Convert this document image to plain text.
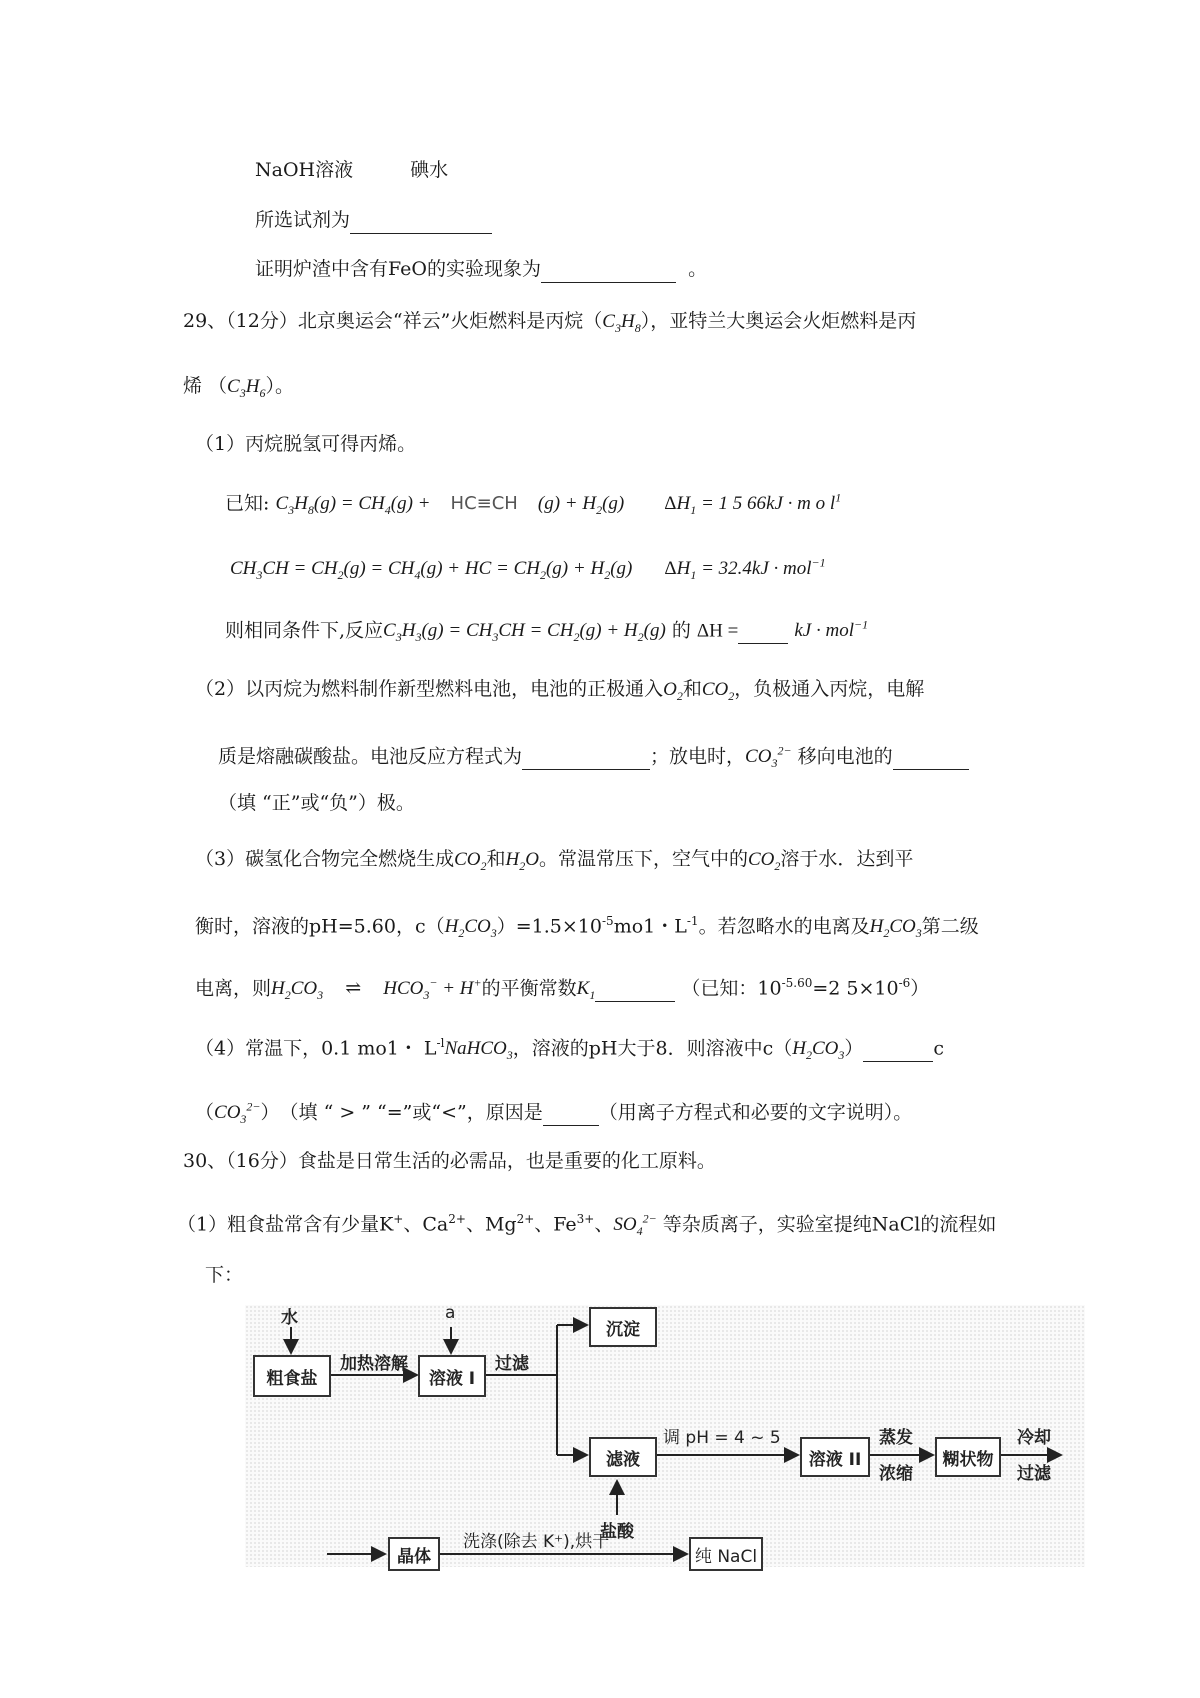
NaOH溶液　　　碘水
所选试剂为
证明炉渣中含有FeO的实验现象为	。
29、（12分）北京奥运会“祥云”火炬燃料是丙烷$(C_3H_8)$，亚特兰大奥运会火炬燃料是丙
烯 $(C_3H_6)$。
（1）丙烷脱氢可得丙烯。
已知: $C_3H_8(g) = CH_4(g) + HC\equiv CH$ $(g) + H_2(g) \Delta H_1 = 1$ 5 66kJ · m o $l^1$
$CH_3CH = CH_2(g) = CH_4(g)$ + HC = $CH_2(g) + H_2(g) \Delta H_1 = 32.4kJ \cdot mol^{-1}$
则相同条件下,反应$C_3H_3(g) = CH_3CH = CH_2(g) + H_2(g)$ 的 ΔH =	kJ · mol$^{-1}$
（2）以丙烷为燃料制作新型燃料电池，电池的正极通入$O_2$和$CO_2$，负极通入丙烷，电解
质是熔融碳酸盐。电池反应方程式为	；放电时，$CO_3^{2-}$ 移向电池的
（填 “正”或“负”）极。
（3）碳氢化合物完全燃烧生成$CO_2$和$H_2O$。常温常压下，空气中的$CO_2$溶于水．达到平
衡时，溶液的pH=5.60，$c(H_2CO_3)=1.5\times 10^{-5}mo1$・$L^{-1}$。若忽略水的电离及$H_2CO_3$第二级
电离，则$H_2CO_3$ ⇌ $HCO_3^- + H^+$的平衡常数$K_1$	（已知：$10^{-5.60}=2$ $5\times 10^{-6}$）
（4）常温下，0.1 mo1・ $L^{-l}NaHCO_3$，溶液的pH大于8．则溶液中$c(H_2CO_3)$	c
$(CO_3^{2-})$　（填 “ > ” “=”或“<”，原因是	（用离子方程式和必要的文字说明）。
30、（16分）食盐是日常生活的必需品，也是重要的化工原料。
（1）粗食盐常含有少量K+、$Ca^{2+}$、$Mg^{2+}$、$Fe^{3+}$、$SO_4^{2-}$ 等杂质离子，实验室提纯NaCl的流程如
下：
水
粗食盐
加热溶解
a
溶液 I
过滤
沉淀
滤液
调 pH = 4 ~ 5
盐酸
溶液 II
蒸发
浓缩
糊状物
冷却
过滤
晶体
洗涤(除去 K⁺),烘干
纯 NaCl
